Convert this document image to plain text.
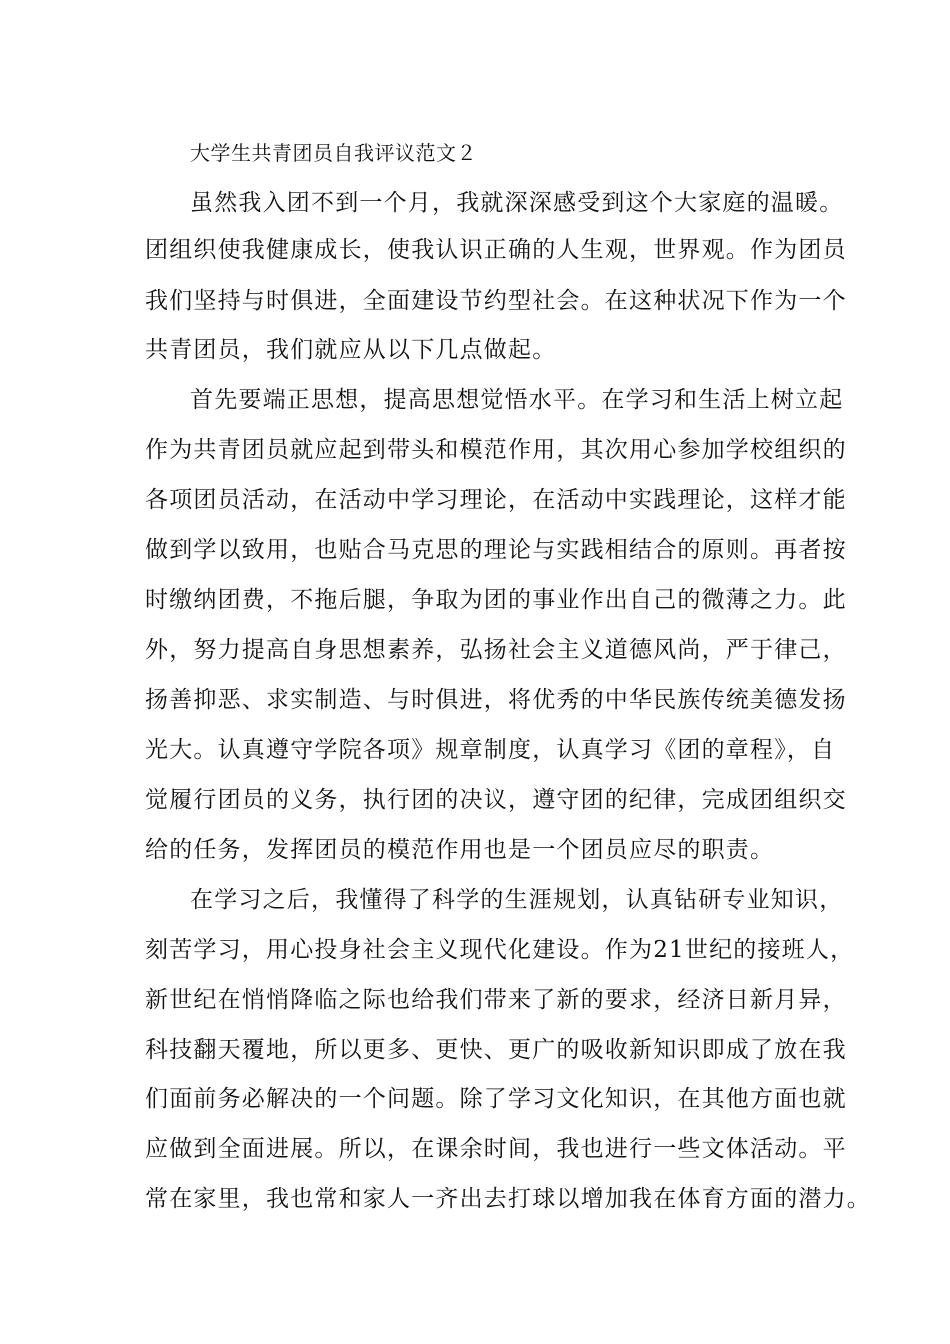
大学生共青团员自我评议范文２
虽然我入团不到一个月，我就深深感受到这个大家庭的温暖。
团组织使我健康成长，使我认识正确的人生观，世界观。作为团员
我们坚持与时俱进，全面建设节约型社会。在这种状况下作为一个
共青团员，我们就应从以下几点做起。
首先要端正思想，提高思想觉悟水平。在学习和生活上树立起
作为共青团员就应起到带头和模范作用，其次用心参加学校组织的
各项团员活动，在活动中学习理论，在活动中实践理论，这样才能
做到学以致用，也贴合马克思的理论与实践相结合的原则。再者按
时缴纳团费，不拖后腿，争取为团的事业作出自己的微薄之力。此
外，努力提高自身思想素养，弘扬社会主义道德风尚，严于律己，
扬善抑恶、求实制造、与时俱进，将优秀的中华民族传统美德发扬
光大。认真遵守学院各项》规章制度，认真学习《团的章程》，自
觉履行团员的义务，执行团的决议，遵守团的纪律，完成团组织交
给的任务，发挥团员的模范作用也是一个团员应尽的职责。
在学习之后，我懂得了科学的生涯规划，认真钻研专业知识，
刻苦学习，用心投身社会主义现代化建设。作为21世纪的接班人，
新世纪在悄悄降临之际也给我们带来了新的要求，经济日新月异，
科技翻天覆地，所以更多、更快、更广的吸收新知识即成了放在我
们面前务必解决的一个问题。除了学习文化知识，在其他方面也就
应做到全面进展。所以，在课余时间，我也进行一些文体活动。平
常在家里，我也常和家人一齐出去打球以增加我在体育方面的潜力。
